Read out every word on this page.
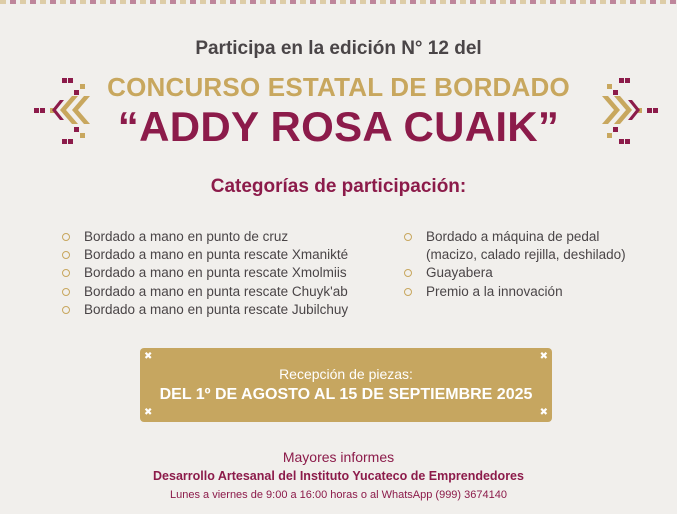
Participa en la edición N° 12 del
CONCURSO ESTATAL DE BORDADO
“ADDY ROSA CUAIK”
Categorías de participación:
Bordado a mano en punto de cruz
Bordado a mano en punta rescate Xmanikté
Bordado a mano en punta rescate Xmolmiis
Bordado a mano en punta rescate Chuyk'ab
Bordado a mano en punta rescate Jubilchuy
Bordado a máquina de pedal
(macizo, calado rejilla, deshilado)
Guayabera
Premio a la innovación
✖	✖
✖	✖
Recepción de piezas:
DEL 1º DE AGOSTO AL 15 DE SEPTIEMBRE 2025
Mayores informes
Desarrollo Artesanal del Instituto Yucateco de Emprendedores
Lunes a viernes de 9:00 a 16:00 horas o al WhatsApp (999) 3674140
